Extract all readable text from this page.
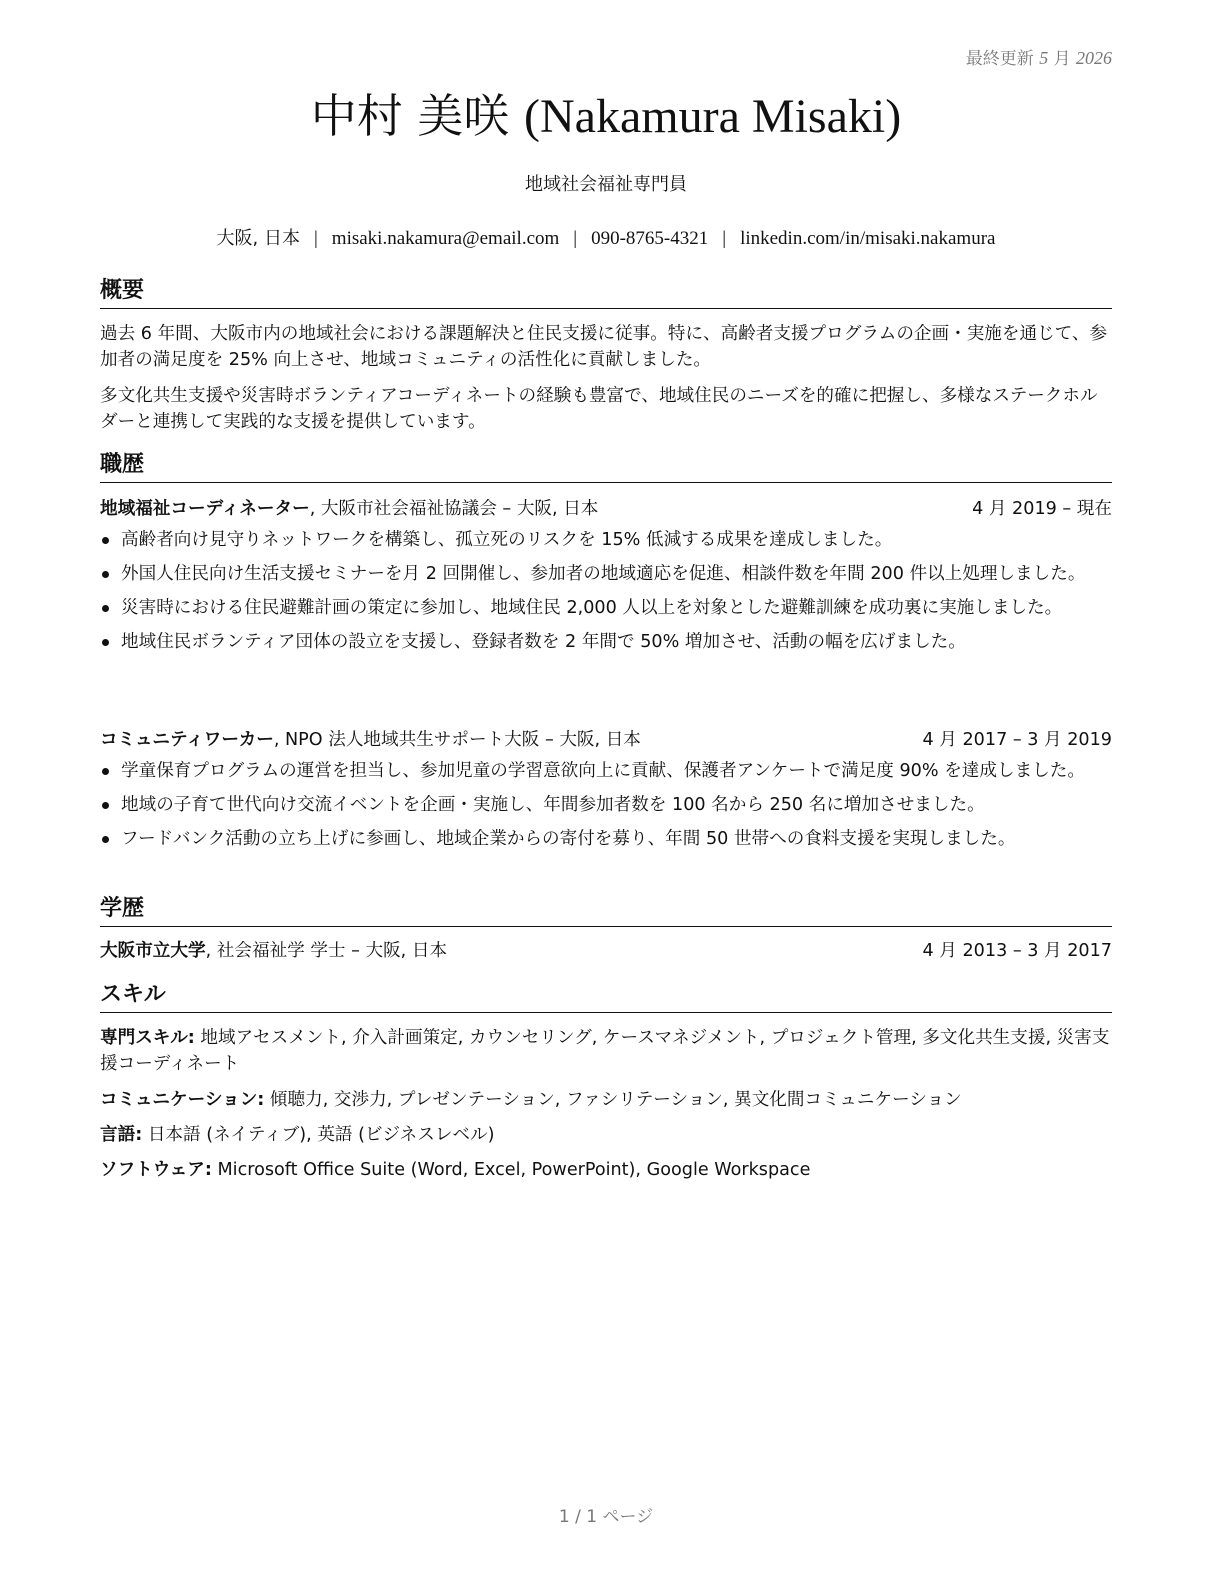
最終更新 5 月 2026
中村 美咲 (Nakamura Misaki)
地域社会福祉専門員
大阪, 日本 | misaki.nakamura@email.com | 090-8765-4321 | linkedin.com/in/misaki.nakamura
概要

過去 6 年間、大阪市内の地域社会における課題解決と住民支援に従事。特に、高齢者支援プログラムの企画・実施を通じて、参加者の満足度を 25% 向上させ、地域コミュニティの活性化に貢献しました。

多文化共生支援や災害時ボランティアコーディネートの経験も豊富で、地域住民のニーズを的確に把握し、多様なステークホルダーと連携して実践的な支援を提供しています。

職歴
地域福祉コーディネーター, 大阪市社会福祉協議会 – 大阪, 日本	4 月 2019 – 現在
高齢者向け見守りネットワークを構築し、孤立死のリスクを 15% 低減する成果を達成しました。
外国人住民向け生活支援セミナーを月 2 回開催し、参加者の地域適応を促進、相談件数を年間 200 件以上処理しました。
災害時における住民避難計画の策定に参加し、地域住民 2,000 人以上を対象とした避難訓練を成功裏に実施しました。
地域住民ボランティア団体の設立を支援し、登録者数を 2 年間で 50% 増加させ、活動の幅を広げました。
コミュニティワーカー, NPO 法人地域共生サポート大阪 – 大阪, 日本	4 月 2017 – 3 月 2019
学童保育プログラムの運営を担当し、参加児童の学習意欲向上に貢献、保護者アンケートで満足度 90% を達成しました。
地域の子育て世代向け交流イベントを企画・実施し、年間参加者数を 100 名から 250 名に増加させました。
フードバンク活動の立ち上げに参画し、地域企業からの寄付を募り、年間 50 世帯への食料支援を実現しました。
学歴
大阪市立大学, 社会福祉学 学士 – 大阪, 日本	4 月 2013 – 3 月 2017
スキル
専門スキル: 地域アセスメント, 介入計画策定, カウンセリング, ケースマネジメント, プロジェクト管理, 多文化共生支援, 災害支援コーディネート
コミュニケーション: 傾聴力, 交渉力, プレゼンテーション, ファシリテーション, 異文化間コミュニケーション
言語: 日本語 (ネイティブ), 英語 (ビジネスレベル)
ソフトウェア: Microsoft Office Suite (Word, Excel, PowerPoint), Google Workspace
1 / 1 ページ
